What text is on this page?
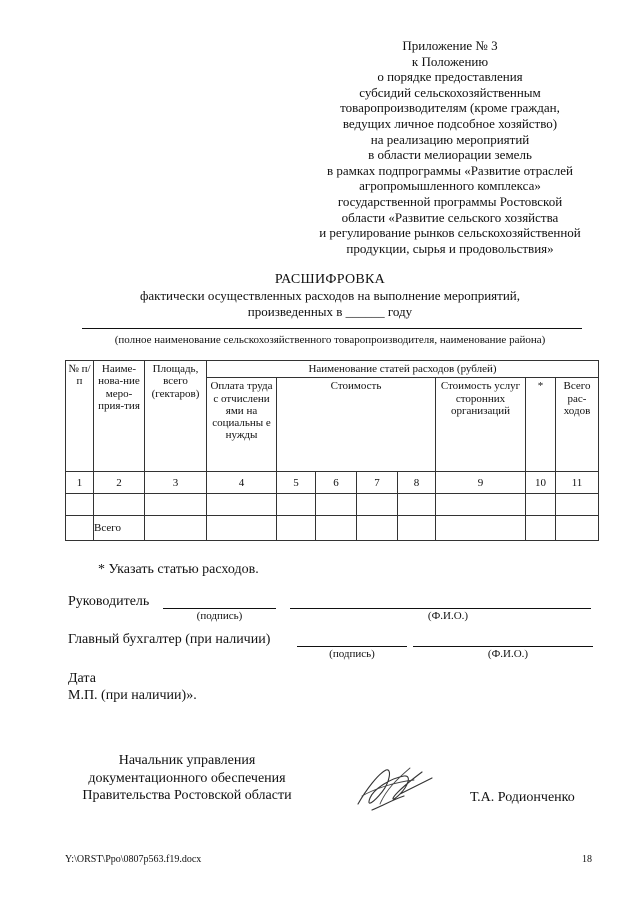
Приложение № 3
к Положению
о порядке предоставления
субсидий сельскохозяйственным
товаропроизводителям (кроме граждан,
ведущих личное подсобное хозяйство)
на реализацию мероприятий
в области мелиорации земель
в рамках подпрограммы «Развитие отраслей
агропромышленного комплекса»
государственной программы Ростовской
области «Развитие сельского хозяйства
и регулирование рынков сельскохозяйственной
продукции, сырья и продовольствия»
РАСШИФРОВКА
фактически осуществленных расходов на выполнение мероприятий,
произведенных в ______ году
(полное наименование сельскохозяйственного товаропроизводителя, наименование района)
№ п/п	Наиме-нова-ние меро-прия-тия	Площадь, всего (гектаров)	Наименование статей расходов (рублей)							
			Оплата труда с отчислени ями на социальны е нужды	Стоимость				Стоимость услуг сторонних организаций	*	Всего рас-ходов
1	2	3	4	5	6	7	8	9	10	11

	Всего									
* Указать статью расходов.
Руководитель
(подпись)	(Ф.И.О.)
Главный бухгалтер (при наличии)
(подпись)	(Ф.И.О.)
Дата
М.П. (при наличии)».
Начальник управления
документационного обеспечения
Правительства Ростовской области	Т.А. Родионченко
Y:\ORST\Ppo\0807p563.f19.docx	18
